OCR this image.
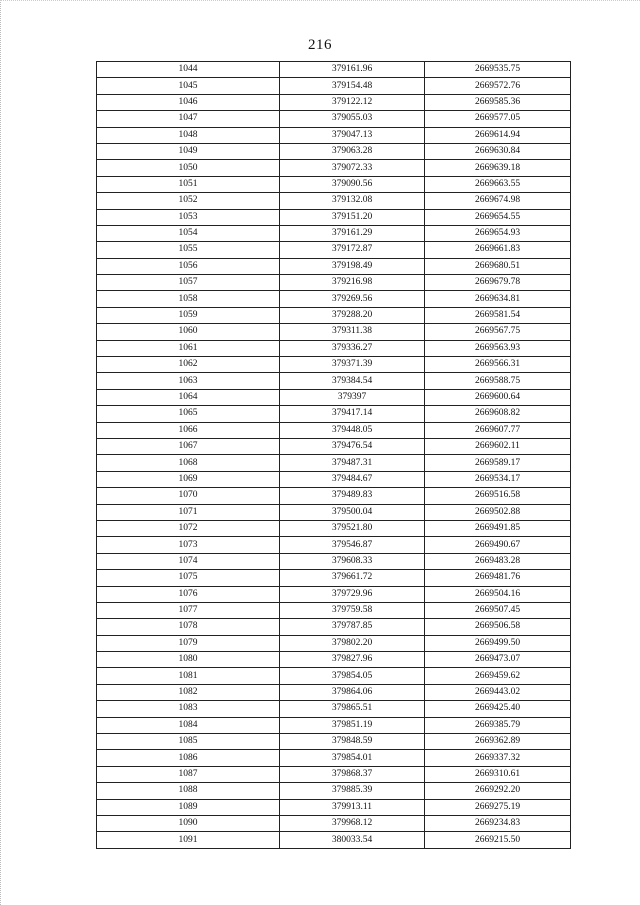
216
1044	379161.96	2669535.75
1045	379154.48	2669572.76
1046	379122.12	2669585.36
1047	379055.03	2669577.05
1048	379047.13	2669614.94
1049	379063.28	2669630.84
1050	379072.33	2669639.18
1051	379090.56	2669663.55
1052	379132.08	2669674.98
1053	379151.20	2669654.55
1054	379161.29	2669654.93
1055	379172.87	2669661.83
1056	379198.49	2669680.51
1057	379216.98	2669679.78
1058	379269.56	2669634.81
1059	379288.20	2669581.54
1060	379311.38	2669567.75
1061	379336.27	2669563.93
1062	379371.39	2669566.31
1063	379384.54	2669588.75
1064	379397	2669600.64
1065	379417.14	2669608.82
1066	379448.05	2669607.77
1067	379476.54	2669602.11
1068	379487.31	2669589.17
1069	379484.67	2669534.17
1070	379489.83	2669516.58
1071	379500.04	2669502.88
1072	379521.80	2669491.85
1073	379546.87	2669490.67
1074	379608.33	2669483.28
1075	379661.72	2669481.76
1076	379729.96	2669504.16
1077	379759.58	2669507.45
1078	379787.85	2669506.58
1079	379802.20	2669499.50
1080	379827.96	2669473.07
1081	379854.05	2669459.62
1082	379864.06	2669443.02
1083	379865.51	2669425.40
1084	379851.19	2669385.79
1085	379848.59	2669362.89
1086	379854.01	2669337.32
1087	379868.37	2669310.61
1088	379885.39	2669292.20
1089	379913.11	2669275.19
1090	379968.12	2669234.83
1091	380033.54	2669215.50
